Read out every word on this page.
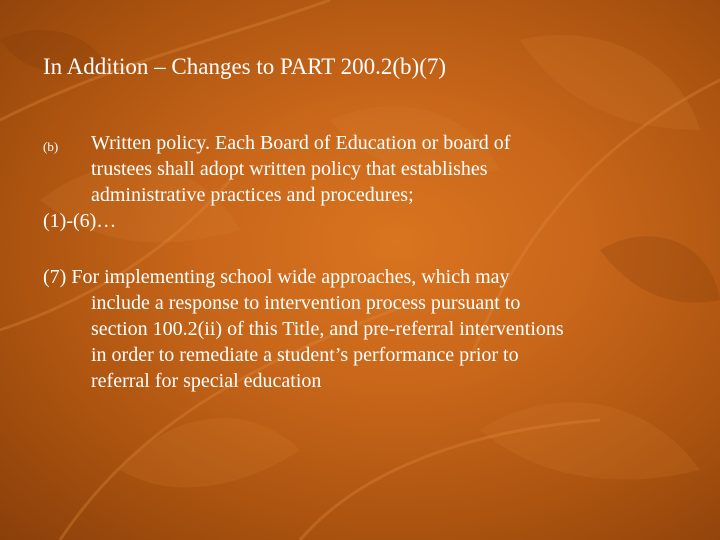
In Addition – Changes to PART 200.2(b)(7)
(b) Written policy. Each Board of Education or board of
trustees shall adopt written policy that establishes
administrative practices and procedures;
(1)-(6)…
(7) For implementing school wide approaches, which may
include a response to intervention process pursuant to
section 100.2(ii) of this Title, and pre-referral interventions
in order to remediate a student’s performance prior to
referral for special education
